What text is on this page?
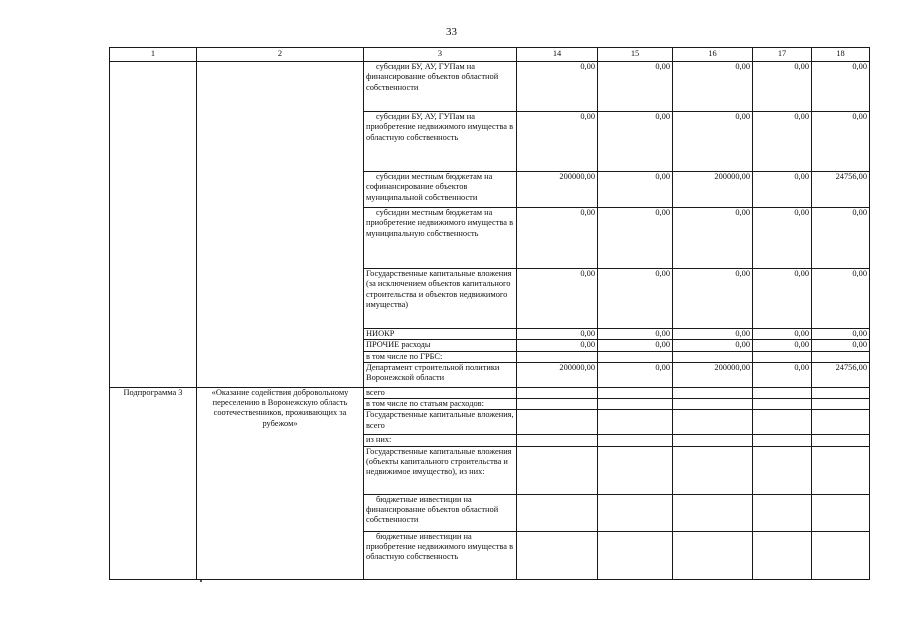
33
1	2	3	14	15	16	17	18
		субсидии БУ, АУ, ГУПам на финансирование объектов областной собственности	0,00	0,00	0,00	0,00	0,00
		субсидии БУ, АУ, ГУПам на приобретение недвижимого имущества в областную собственность	0,00	0,00	0,00	0,00	0,00
		субсидии местным бюджетам на софинансирование объектов муниципальной собственности	200000,00	0,00	200000,00	0,00	24756,00
		субсидии местным бюджетам на приобретение недвижимого имущества в муниципальную собственность	0,00	0,00	0,00	0,00	0,00
		Государственные капитальные вложения (за исключением объектов капитального строительства и объектов недвижимого имущества)	0,00	0,00	0,00	0,00	0,00
		НИОКР	0,00	0,00	0,00	0,00	0,00
		ПРОЧИЕ расходы	0,00	0,00	0,00	0,00	0,00
		в том числе по ГРБС:					
		Департамент строительной политики Воронежской области	200000,00	0,00	200000,00	0,00	24756,00
Подпрограмма 3	«Оказание содействия добровольному переселению в Воронежскую область соотечественников, проживающих за рубежом»	всего					
		в том числе по статьям расходов:					
		Государственные капитальные вложения, всего					
		из них:					
		Государственные капитальные вложения (объекты капитального строительства и недвижимое имущество), из них:					
		бюджетные инвестиции на финансирование объектов областной собственности					
		бюджетные инвестиции на приобретение недвижимого имущества в областную собственность					
